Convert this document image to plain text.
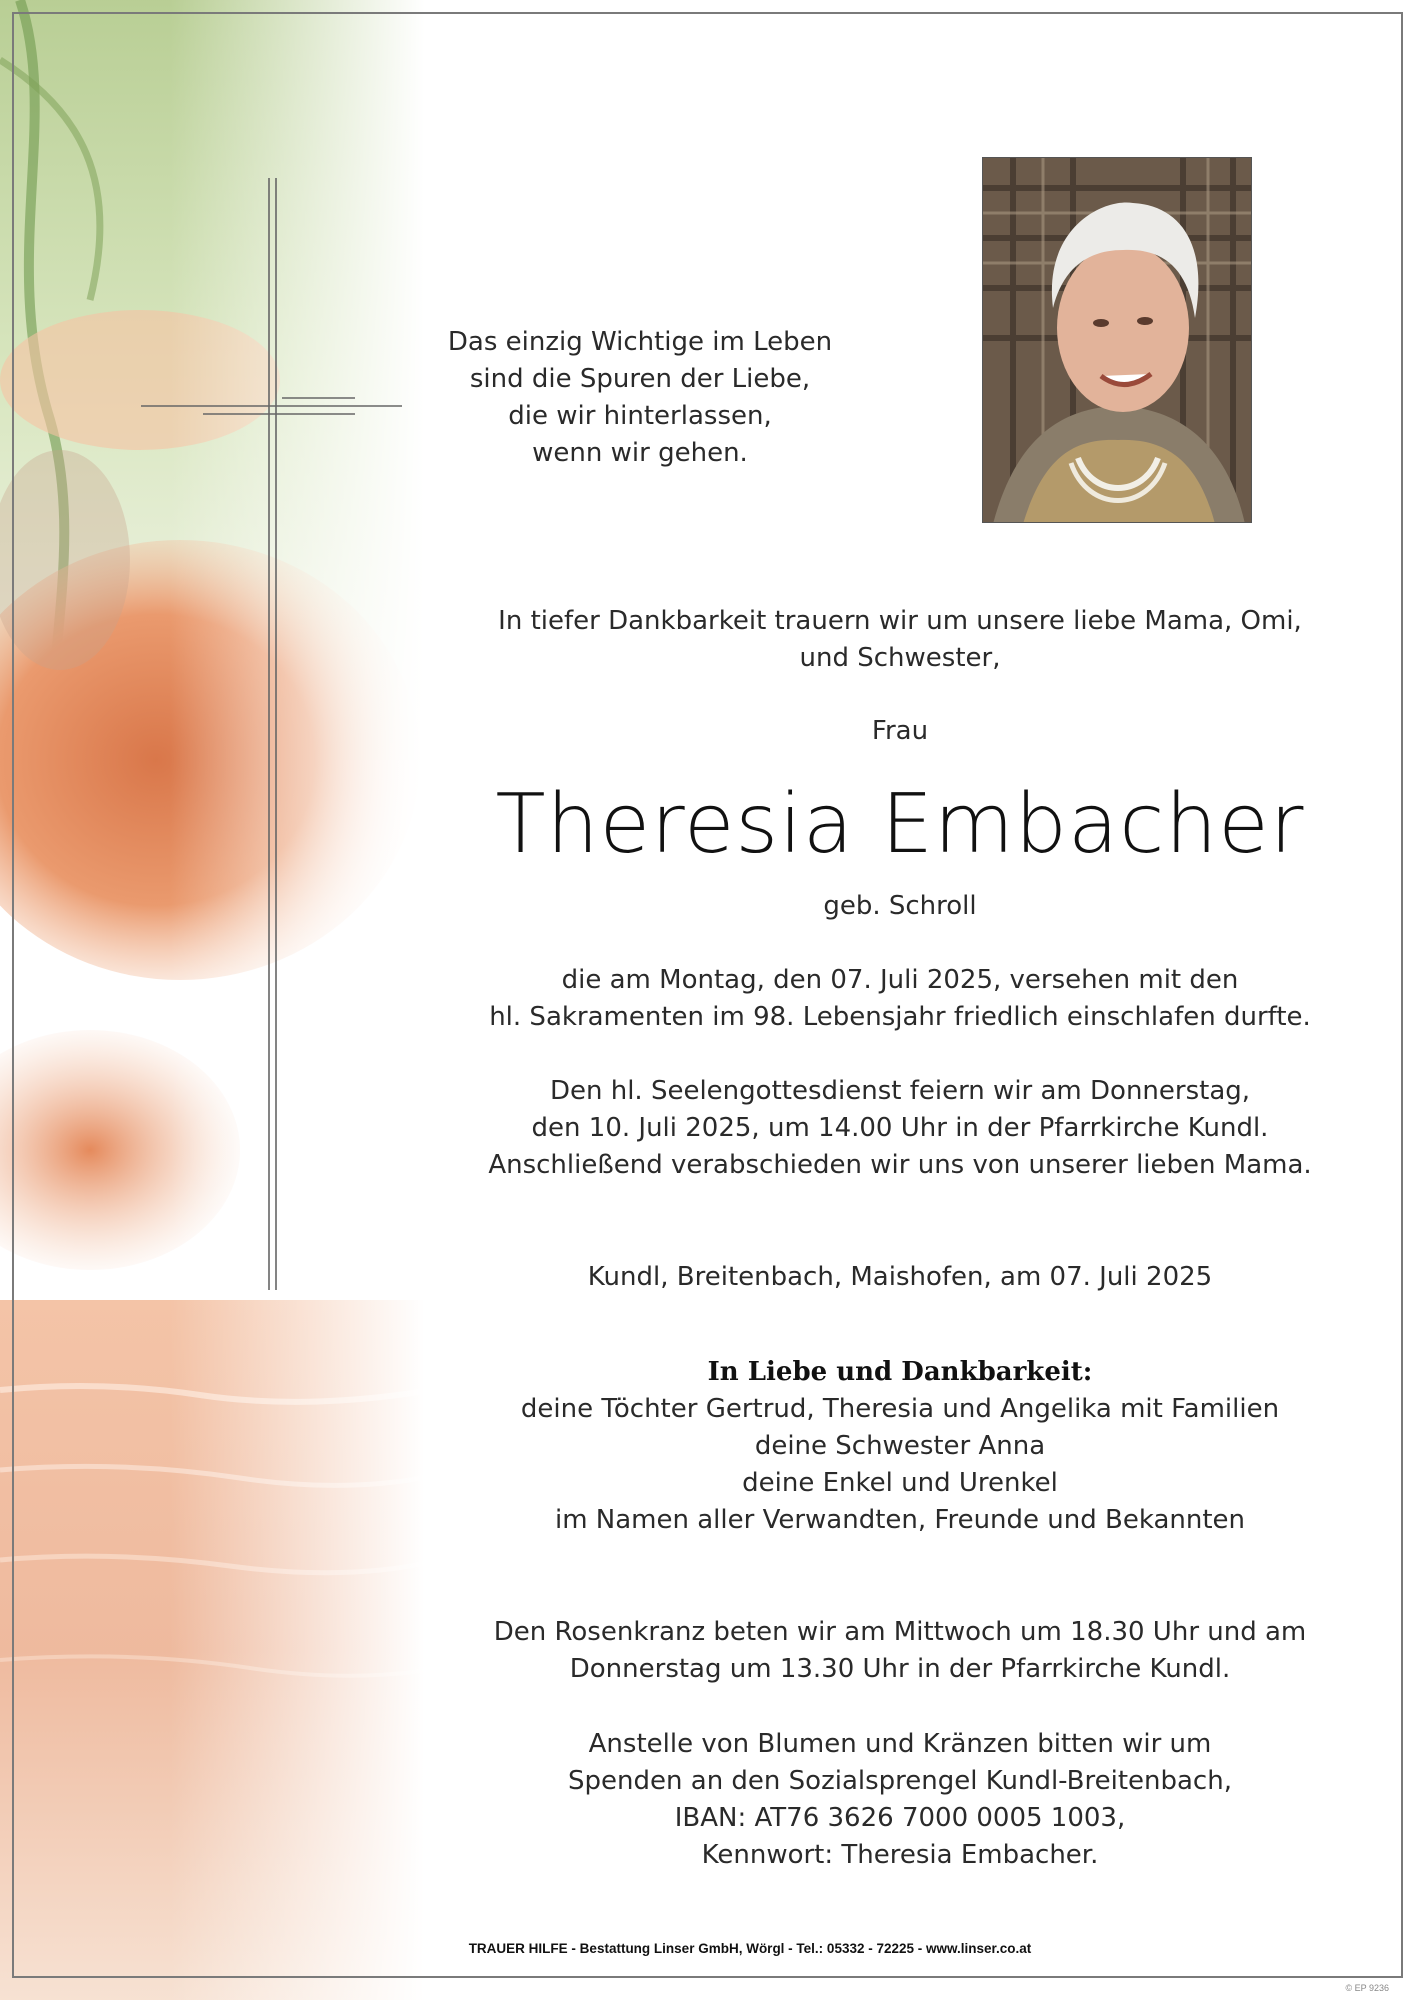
Das einzig Wichtige im Leben
sind die Spuren der Liebe,
die wir hinterlassen,
wenn wir gehen.
In tiefer Dankbarkeit trauern wir um unsere liebe Mama, Omi,
und Schwester,
Frau
Theresia Embacher
geb. Schroll
die am Montag, den 07. Juli 2025, versehen mit den
hl. Sakramenten im 98. Lebensjahr friedlich einschlafen durfte.
Den hl. Seelengottesdienst feiern wir am Donnerstag,
den 10. Juli 2025, um 14.00 Uhr in der Pfarrkirche Kundl.
Anschließend verabschieden wir uns von unserer lieben Mama.
Kundl, Breitenbach, Maishofen, am 07. Juli 2025
In Liebe und Dankbarkeit:
deine Töchter Gertrud, Theresia und Angelika mit Familien
deine Schwester Anna
deine Enkel und Urenkel
im Namen aller Verwandten, Freunde und Bekannten
Den Rosenkranz beten wir am Mittwoch um 18.30 Uhr und am
Donnerstag um 13.30 Uhr in der Pfarrkirche Kundl.
Anstelle von Blumen und Kränzen bitten wir um
Spenden an den Sozialsprengel Kundl-Breitenbach,
IBAN: AT76 3626 7000 0005 1003,
Kennwort: Theresia Embacher.
TRAUER HILFE - Bestattung Linser GmbH, Wörgl - Tel.: 05332 - 72225 - www.linser.co.at
© EP 9236
